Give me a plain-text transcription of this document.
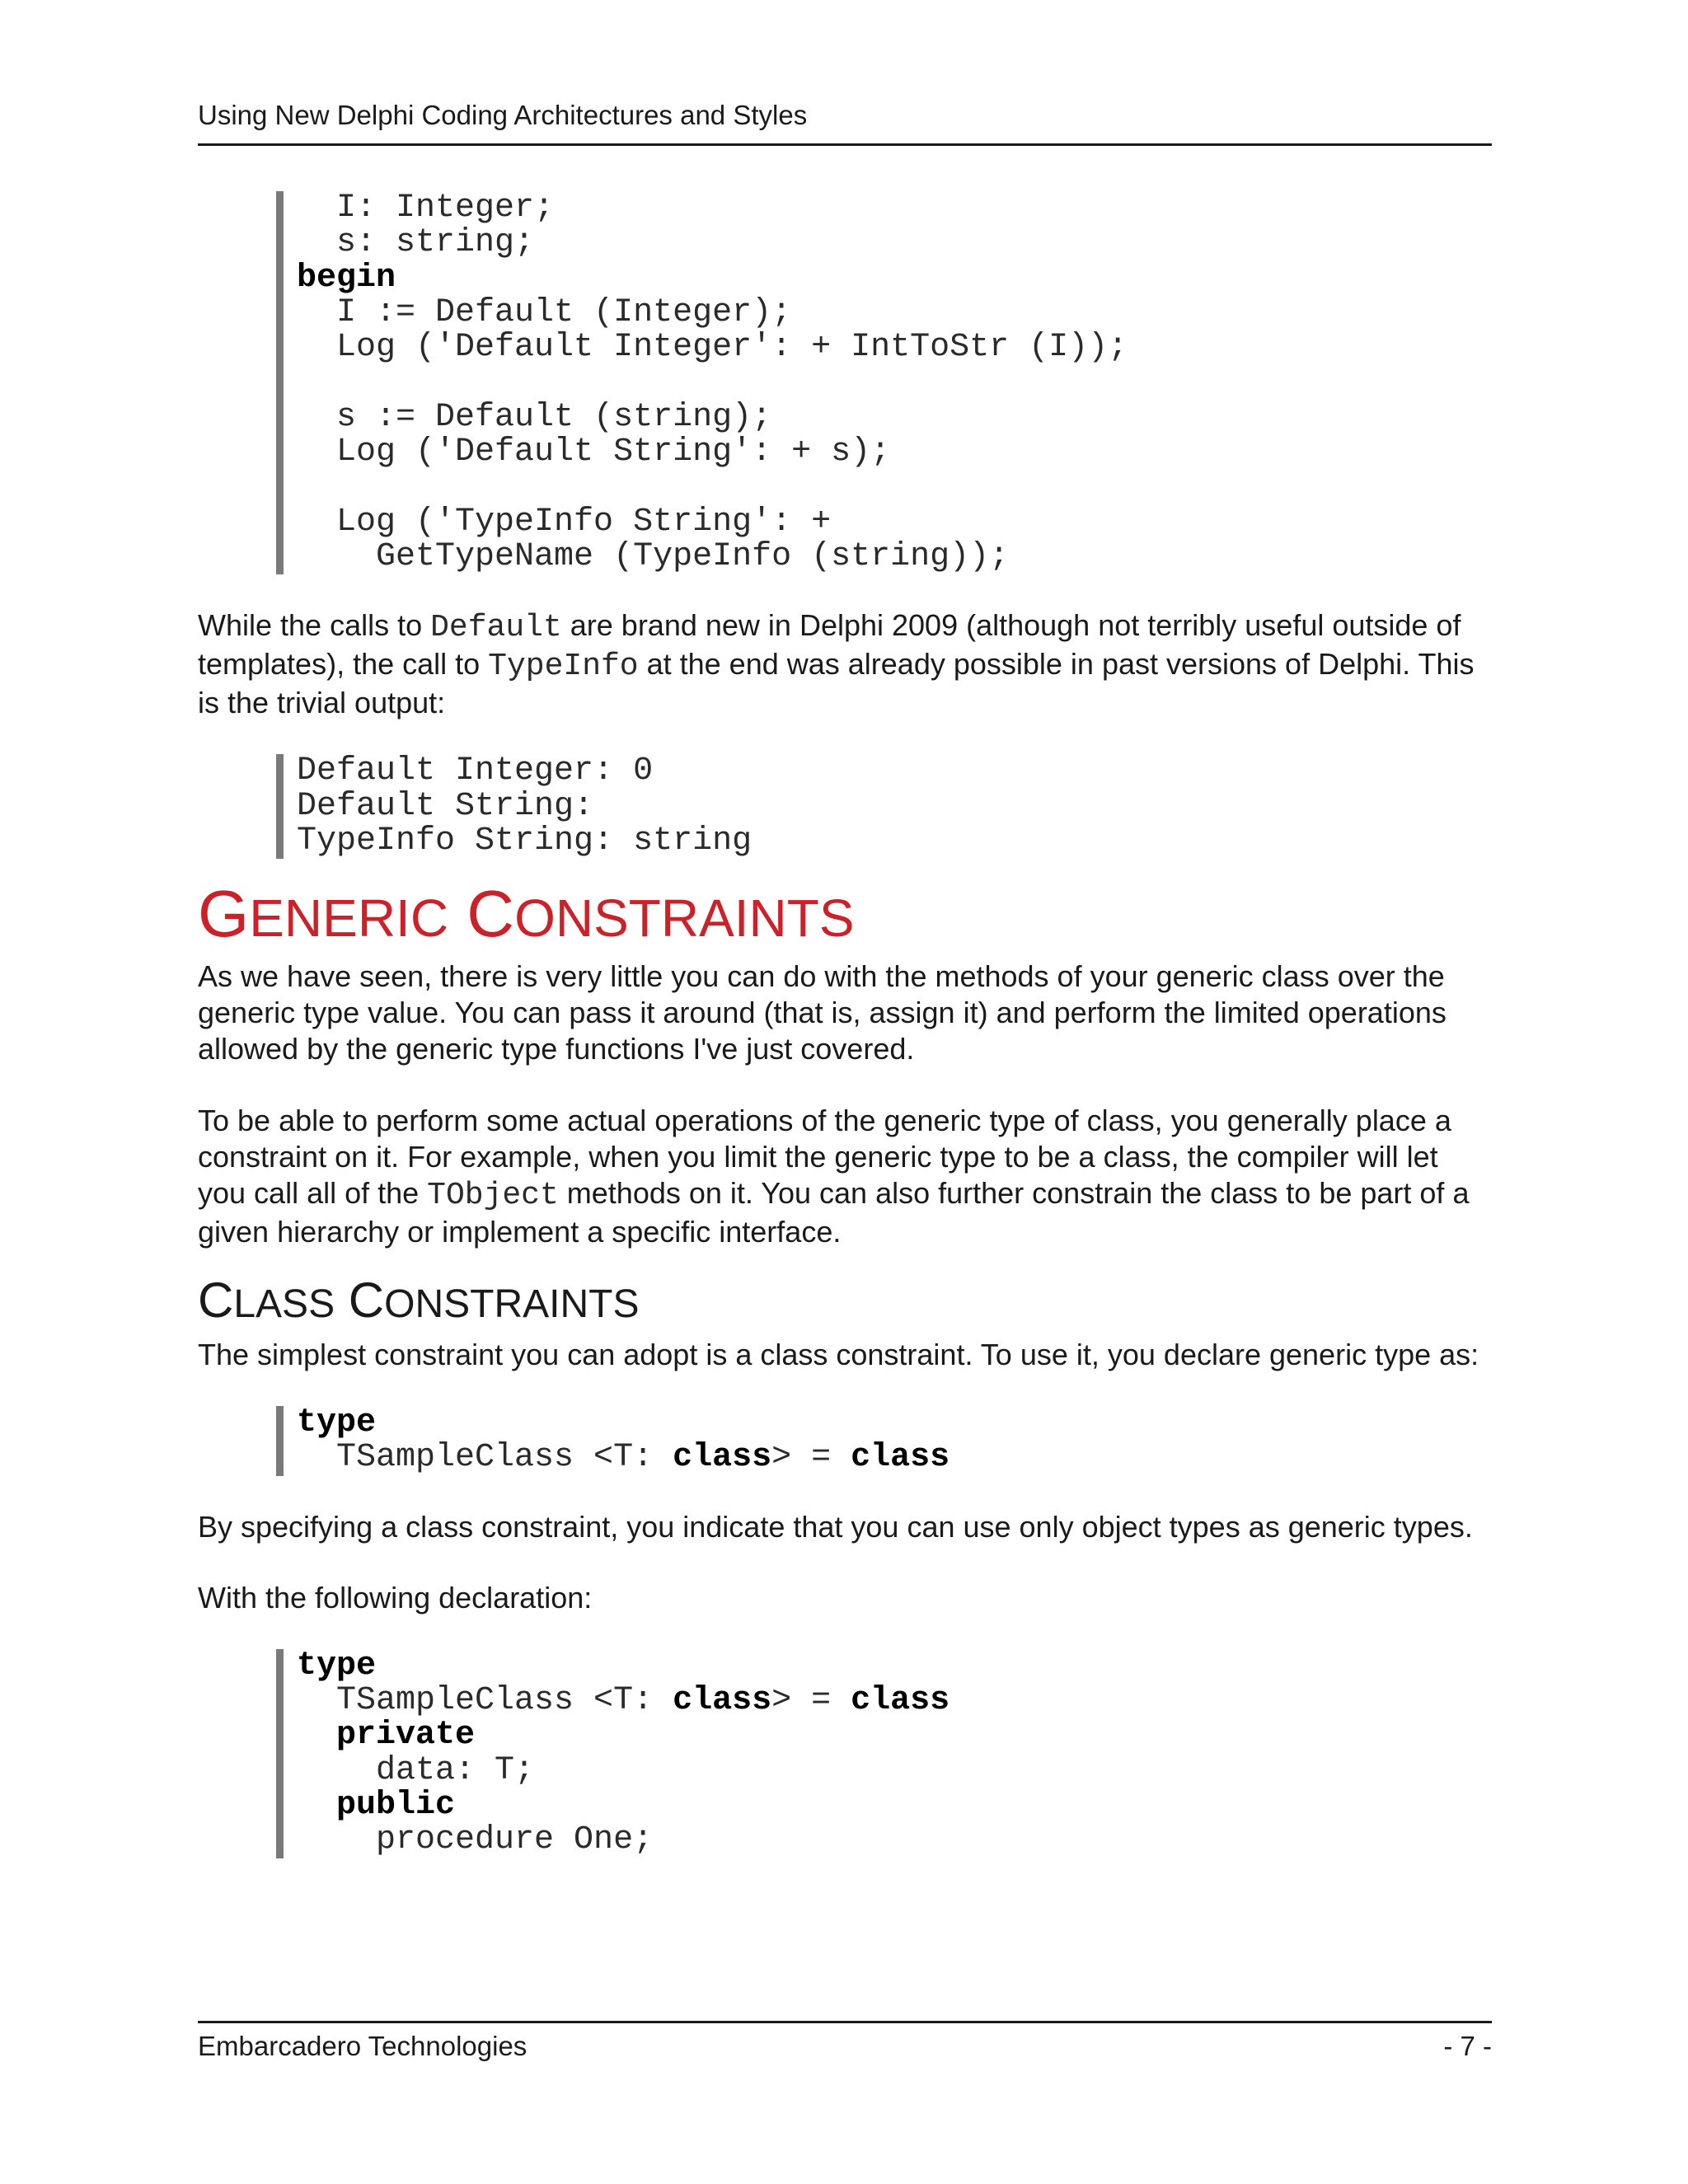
Using New Delphi Coding Architectures and Styles
I: Integer;
s: string;
begin
I := Default (Integer);
Log ('Default Integer': + IntToStr (I));
s := Default (string);
Log ('Default String': + s);
Log ('TypeInfo String': +
GetTypeName (TypeInfo (string));

While the calls to Default are brand new in Delphi 2009 (although not terribly useful outside of templates), the call to TypeInfo at the end was already possible in past versions of Delphi. This is the trivial output:

Default Integer: 0
Default String:
TypeInfo String: string
GENERIC CONSTRAINTS

As we have seen, there is very little you can do with the methods of your generic class over the generic type value. You can pass it around (that is, assign it) and perform the limited operations allowed by the generic type functions I've just covered.

To be able to perform some actual operations of the generic type of class, you generally place a constraint on it. For example, when you limit the generic type to be a class, the compiler will let you call all of the TObject methods on it. You can also further constrain the class to be part of a given hierarchy or implement a specific interface.

CLASS CONSTRAINTS

The simplest constraint you can adopt is a class constraint. To use it, you declare generic type as:

type
TSampleClass <T: class> = class

By specifying a class constraint, you indicate that you can use only object types as generic types.

With the following declaration:

type
TSampleClass <T: class> = class
private
data: T;
public
procedure One;
Embarcadero Technologies	- 7 -
